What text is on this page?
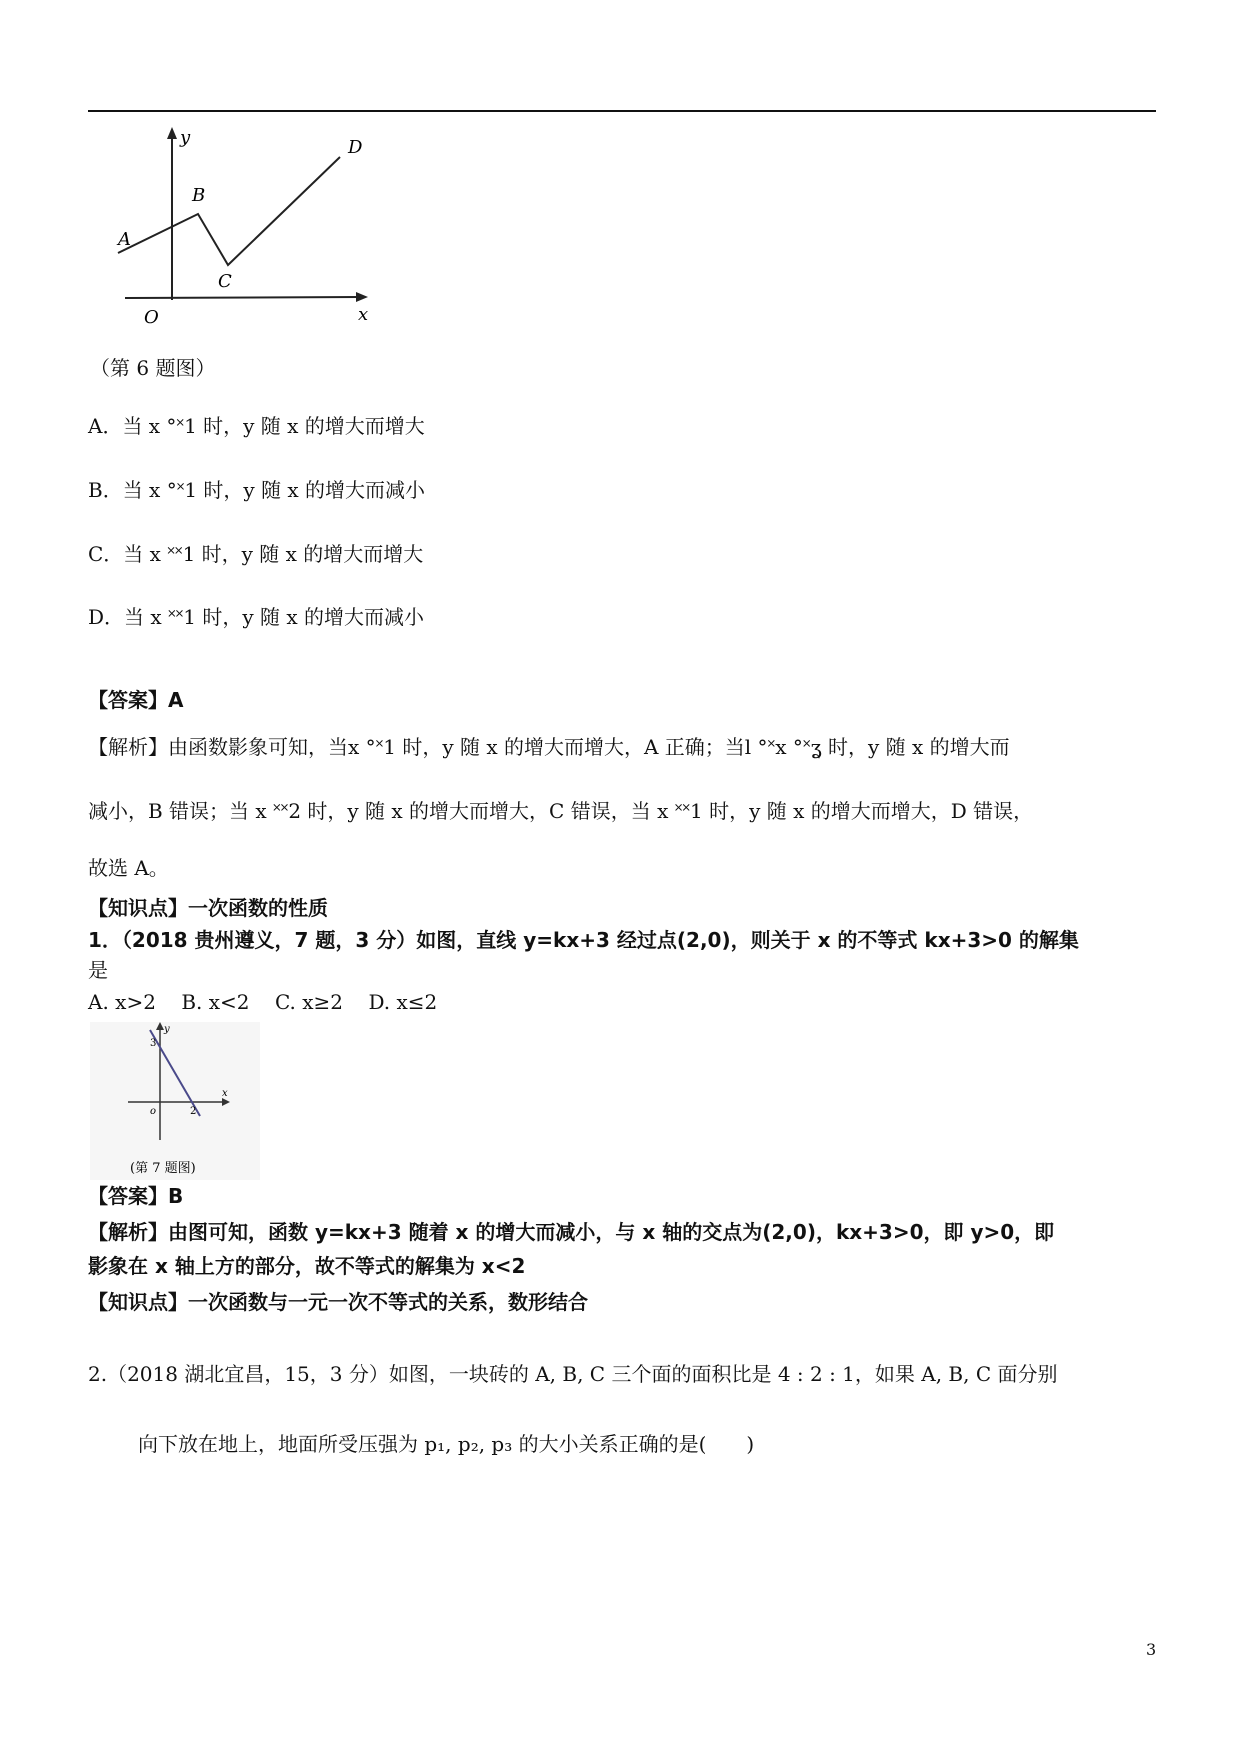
y
x
O
A
B
C
D
（第 6 题图）
A．当 x °˟1 时，y 随 x 的增大而增大
B．当 x °˟1 时，y 随 x 的增大而减小
C．当 x ˟˟1 时，y 随 x 的增大而增大
D．当 x ˟˟1 时，y 随 x 的增大而减小
【答案】A
【解析】由函数影象可知，当x °˟1 时，y 随 x 的增大而增大，A 正确；当l °˟x °˟ʓ 时，y 随 x 的增大而
减小，B 错误；当 x ˟˟2 时，y 随 x 的增大而增大，C 错误，当 x ˟˟1 时，y 随 x 的增大而增大，D 错误，
故选 A。
【知识点】一次函数的性质
1．（2018 贵州遵义，7 题，3 分）如图，直线 y=kx+3 经过点(2,0)，则关于 x 的不等式 kx+3>0 的解集
是
A. x>2    B. x<2    C. x≥2    D. x≤2
y
x
o
3
2
(第 7 题图)
【答案】B
【解析】由图可知，函数 y=kx+3 随着 x 的增大而减小，与 x 轴的交点为(2,0)，kx+3>0，即 y>0，即
影象在 x 轴上方的部分，故不等式的解集为 x<2
【知识点】一次函数与一元一次不等式的关系，数形结合
2.（2018 湖北宜昌，15，3 分）如图，一块砖的 A, B, C 三个面的面积比是 4 : 2 : 1，如果 A, B, C 面分别
向下放在地上，地面所受压强为 p₁, p₂, p₃ 的大小关系正确的是(　　)
3
